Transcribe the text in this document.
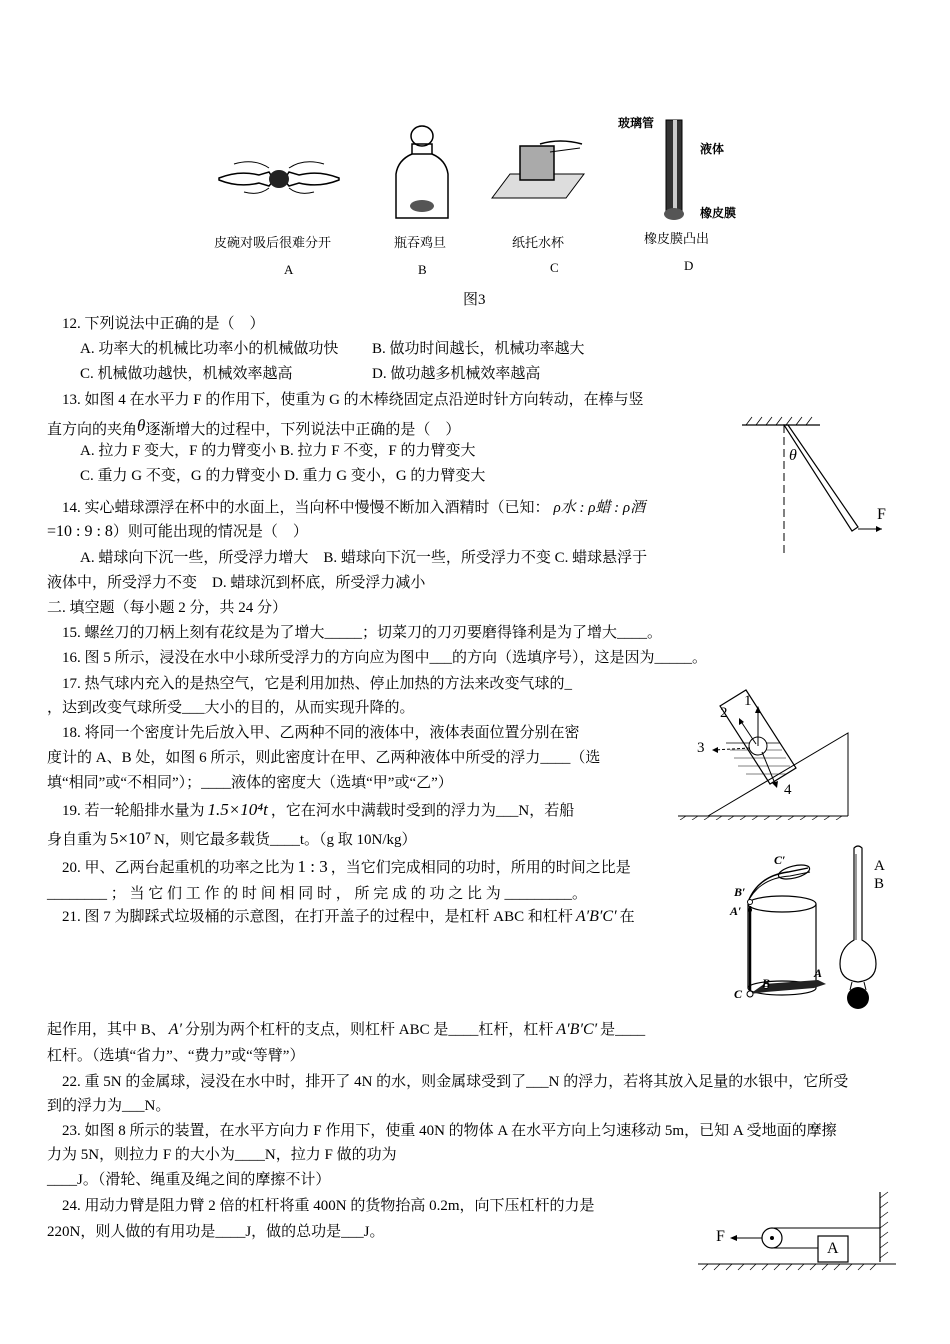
玻璃管
液体
橡皮膜
皮碗对吸后很难分开	瓶吞鸡旦	纸托水杯	橡皮膜凸出
A	B	C	D
图3
12. 下列说法中正确的是（　）
A. 功率大的机械比功率小的机械做功快 B. 做功时间越长，机械功率越大
C. 机械做功越快，机械效率越高	D. 做功越多机械效率越高
13. 如图 4 在水平力 F 的作用下，使重为 G 的木棒绕固定点沿逆时针方向转动，在棒与竖
直方向的夹角θ逐渐增大的过程中，下列说法中正确的是（　）
A. 拉力 F 变大，F 的力臂变小 B. 拉力 F 不变，F 的力臂变大
C. 重力 G 不变，G 的力臂变小 D. 重力 G 变小，G 的力臂变大
θ
F
14. 实心蜡球漂浮在杯中的水面上，当向杯中慢慢不断加入酒精时（已知： ρ水 : ρ蜡 : ρ酒
=10 : 9 : 8）则可能出现的情况是（　）
A. 蜡球向下沉一些，所受浮力增大　B. 蜡球向下沉一些，所受浮力不变 C. 蜡球悬浮于
液体中，所受浮力不变　D. 蜡球沉到杯底，所受浮力减小
二. 填空题（每小题 2 分，共 24 分）
15. 螺丝刀的刀柄上刻有花纹是为了增大_____；切菜刀的刀刃要磨得锋利是为了增大____。
16. 图 5 所示，浸没在水中小球所受浮力的方向应为图中___的方向（选填序号），这是因为_____。
17. 热气球内充入的是热空气，它是利用加热、停止加热的方法来改变气球的_
，达到改变气球所受___大小的目的，从而实现升降的。	1
2
3
4
18. 将同一个密度计先后放入甲、乙两种不同的液体中，液体表面位置分别在密
度计的 A、B 处，如图 6 所示，则此密度计在甲、乙两种液体中所受的浮力____（选
填“相同”或“不相同”）；____液体的密度大（选填“甲”或“乙”）
19. 若一轮船排水量为 1.5×10⁴t ，它在河水中满载时受到的浮力为___N，若船
身自重为 5×10⁷ N，则它最多载货____t。（g 取 10N/kg）
20. 甲、乙两台起重机的功率之比为 1 : 3 ，当它们完成相同的功时，所用的时间之比是
________ ； 当 它 们 工 作 的 时 间 相 同 时 ， 所 完 成 的 功 之 比 为 _________。
21. 图 7 为脚踩式垃圾桶的示意图，在打开盖子的过程中，是杠杆 ABC 和杠杆 A′B′C′ 在
起作用，其中 B、 A′ 分别为两个杠杆的支点，则杠杆 ABC 是____杠杆，杠杆 A′B′C′ 是____
杠杆。（选填“省力”、“费力”或“等臂”）
C′
B′
A′
C
B
A
A
B
22. 重 5N 的金属球，浸没在水中时，排开了 4N 的水，则金属球受到了___N 的浮力，若将其放入足量的水银中，它所受
到的浮力为___N。
23. 如图 8 所示的装置，在水平方向力 F 作用下，使重 40N 的物体 A 在水平方向上匀速移动 5m，已知 A 受地面的摩擦
力为 5N，则拉力 F 的大小为____N，拉力 F 做的功为
____J。（滑轮、绳重及绳之间的摩擦不计）
24. 用动力臂是阻力臂 2 倍的杠杆将重 400N 的货物抬高 0.2m，向下压杠杆的力是
220N，则人做的有用功是____J，做的总功是___J。	F
A
